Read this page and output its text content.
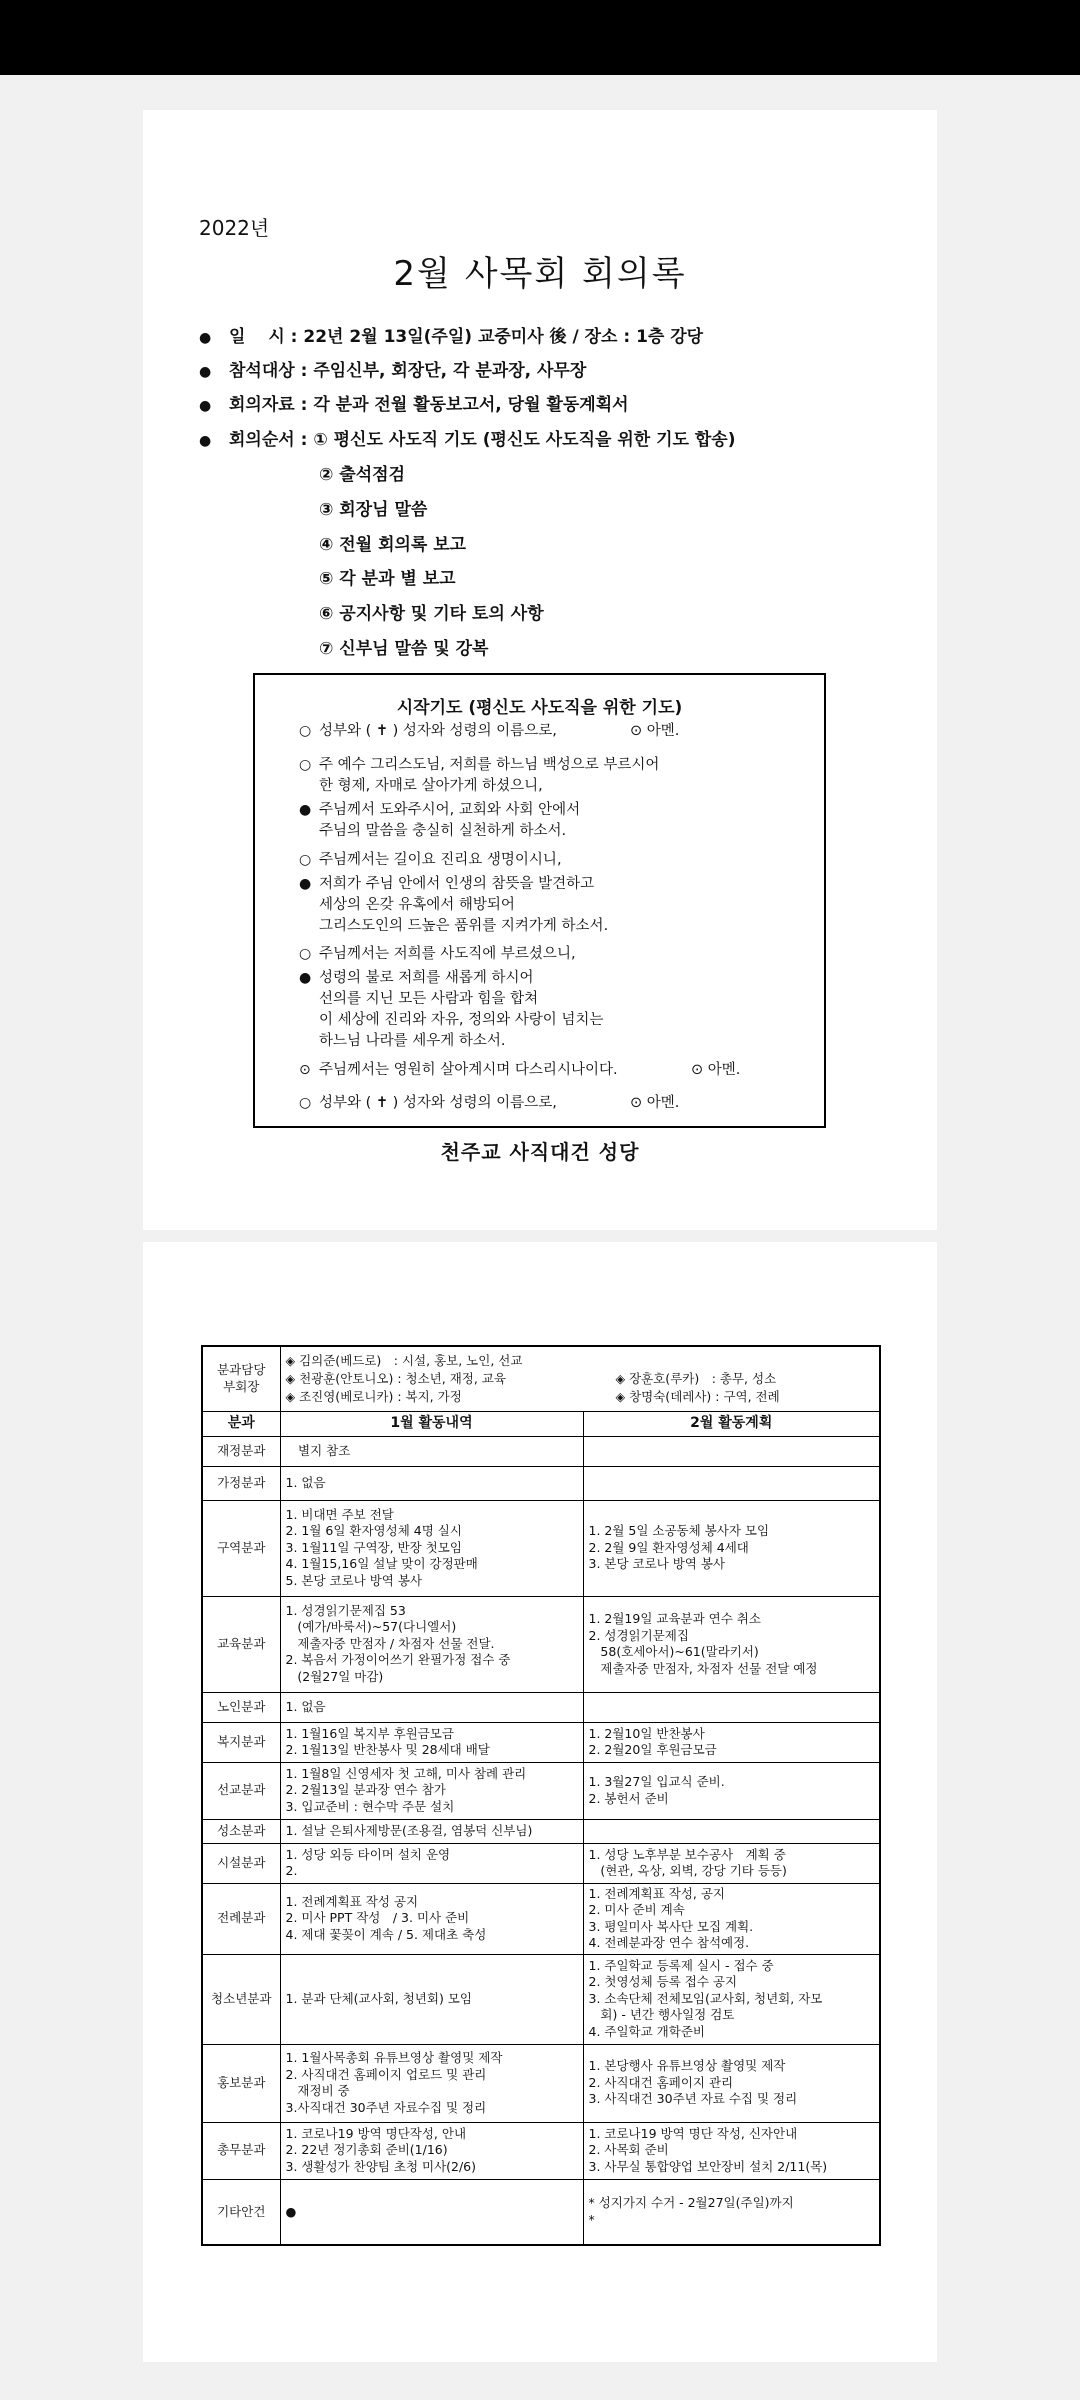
2022년
2월 사목회 회의록
● 일　 시 : 22년 2월 13일(주일) 교중미사 後 / 장소 : 1층 강당
● 참석대상 : 주임신부, 회장단, 각 분과장, 사무장
● 회의자료 : 각 분과 전월 활동보고서, 당월 활동계획서
● 회의순서 : ① 평신도 사도직 기도 (평신도 사도직을 위한 기도 합송)
② 출석점검
③ 회장님 말씀
④ 전월 회의록 보고
⑤ 각 분과 별 보고
⑥ 공지사항 및 기타 토의 사항
⑦ 신부님 말씀 및 강복
시작기도 (평신도 사도직을 위한 기도)
○ 성부와 ( ✝ ) 성자와 성령의 이름으로,	⊙ 아멘.
○ 주 예수 그리스도님, 저희를 하느님 백성으로 부르시어
한 형제, 자매로 살아가게 하셨으니,
● 주님께서 도와주시어, 교회와 사회 안에서
주님의 말씀을 충실히 실천하게 하소서.
○ 주님께서는 길이요 진리요 생명이시니,
● 저희가 주님 안에서 인생의 참뜻을 발견하고
세상의 온갖 유혹에서 해방되어
그리스도인의 드높은 품위를 지켜가게 하소서.
○ 주님께서는 저희를 사도직에 부르셨으니,
● 성령의 불로 저희를 새롭게 하시어
선의를 지닌 모든 사람과 힘을 합쳐
이 세상에 진리와 자유, 정의와 사랑이 넘치는
하느님 나라를 세우게 하소서.
⊙ 주님께서는 영원히 살아계시며 다스리시나이다.	⊙ 아멘.
○ 성부와 ( ✝ ) 성자와 성령의 이름으로,	⊙ 아멘.
천주교 사직대건 성당
분과담당
부회장	◈ 김의준(베드로)　: 시설, 홍보, 노인, 선교
◈ 천광훈(안토니오) : 청소년, 재정, 교육 ◈ 장훈호(루카)　: 총무, 성소
◈ 조진영(베로니카) : 복지, 가정 ◈ 창명숙(데레사) : 구역, 전례	

분과	1월 활동내역	2월 활동계획
재정분과	　별지 참조	
가정분과	1. 없음	
구역분과	1. 비대면 주보 전달
2. 1월 6일 환자영성체 4명 실시
3. 1월11일 구역장, 반장 첫모임
4. 1월15,16일 설날 맞이 강정판매
5. 본당 코로나 방역 봉사	1. 2월 5일 소공동체 봉사자 모임
2. 2월 9일 환자영성체 4세대
3. 본당 코로나 방역 봉사
교육분과	1. 성경읽기문제집 53
(예가/바룩서)~57(다니엘서)
제출자중 만점자 / 차점자 선물 전달.
2. 복음서 가정이어쓰기 완필가정 접수 중
(2월27일 마감)	1. 2월19일 교육분과 연수 취소
2. 성경읽기문제집
58(호세아서)~61(말라키서)
제출자중 만점자, 차점자 선물 전달 예정
노인분과	1. 없음	
복지분과	1. 1월16일 복지부 후원금모금
2. 1월13일 반찬봉사 및 28세대 배달	1. 2월10일 반찬봉사
2. 2월20일 후원금모금
선교분과	1. 1월8일 신영세자 첫 고해, 미사 참례 관리
2. 2월13일 분과장 연수 참가
3. 입교준비 : 현수막 주문 설치	1. 3월27일 입교식 준비.
2. 봉헌서 준비
성소분과	1. 설날 은퇴사제방문(조용걸, 염봉덕 신부님)	
시설분과	1. 성당 외등 타이머 설치 운영
2.	1. 성당 노후부분 보수공사　계획 중
(현관, 옥상, 외벽, 강당 기타 등등)
전례분과	1. 전례계획표 작성 공지
2. 미사 PPT 작성　/ 3. 미사 준비
4. 제대 꽃꽂이 계속 / 5. 제대초 축성	1. 전례계획표 작성, 공지
2. 미사 준비 계속
3. 평일미사 복사단 모집 계획.
4. 전례분과장 연수 참석예정.
청소년분과	1. 분과 단체(교사회, 청년회) 모임	1. 주일학교 등록제 실시 - 접수 중
2. 첫영성체 등록 접수 공지
3. 소속단체 전체모임(교사회, 청년회, 자모
회) - 년간 행사일정 검토
4. 주일학교 개학준비
홍보분과	1. 1월사목총회 유튜브영상 촬영및 제작
2. 사직대건 홈페이지 업로드 및 관리
재정비 중
3.사직대건 30주년 자료수집 및 정리	1. 본당행사 유튜브영상 촬영및 제작
2. 사직대건 홈페이지 관리
3. 사직대건 30주년 자료 수집 및 정리
총무분과	1. 코로나19 방역 명단작성, 안내
2. 22년 정기총회 준비(1/16)
3. 생활성가 찬양팀 초청 미사(2/6)	1. 코로나19 방역 명단 작성, 신자안내
2. 사목회 준비
3. 사무실 통합양업 보안장비 설치 2/11(목)
기타안건	●	* 성지가지 수거 - 2월27일(주일)까지
*
